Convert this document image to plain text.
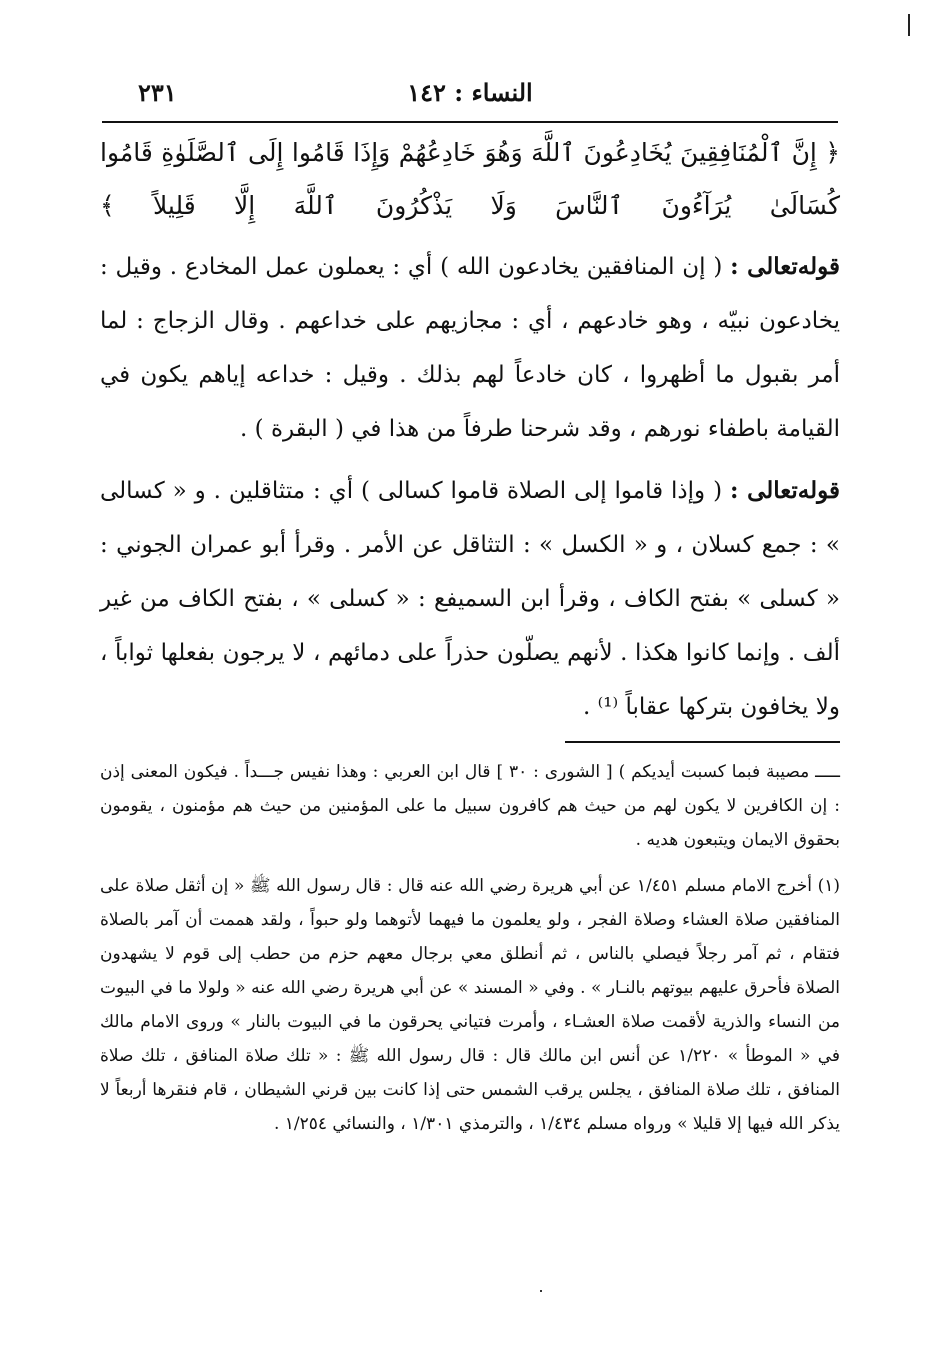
٢٣١	النساء : ١٤٢

﴿ إِنَّ ٱلْمُنَافِقِينَ يُخَادِعُونَ ٱللَّهَ وَهُوَ خَادِعُهُمْ وَإِذَا قَامُوا إِلَى ٱلصَّلَوٰةِ قَامُوا كُسَالَىٰ يُرَآءُونَ ٱلنَّاسَ وَلَا يَذْكُرُونَ ٱللَّهَ إِلَّا قَلِيلاً ﴾

قوله‌تعالى : ( إن المنافقين يخادعون الله ) أي : يعملون عمل المخادع . وقيل : يخادعون نبيّه ، وهو خادعهم ، أي : مجازيهم على خداعهم . وقال الزجاج : لما أمر بقبول ما أظهروا ، كان خادعاً لهم بذلك . وقيل : خداعه إياهم يكون في القيامة باطفاء نورهم ، وقد شرحنا طرفاً من هذا في ( البقرة ) .

قوله‌تعالى : ( وإذا قاموا إلى الصلاة قاموا كسالى ) أي : متثاقلين . و « كسالى » : جمع كسلان ، و « الكسل » : التثاقل عن الأمر . وقرأ أبو عمران الجوني : « كسلى » بفتح الكاف ، وقرأ ابن السميفع : « كسلى » ، بفتح الكاف من غير ألف . وإنما كانوا هكذا . لأنهم يصلّون حذراً على دمائهم ، لا يرجون بفعلها ثواباً ، ولا يخافون بتركها عقاباً ⁽¹⁾ .

ـــــ مصيبة فبما كسبت أيديكم ) [ الشورى : ٣٠ ] قال ابن العربي : وهذا نفيس جـــداً . فيكون المعنى إذن : إن الكافرين لا يكون لهم من حيث هم كافرون سبيل ما على المؤمنين من حيث هم مؤمنون ، يقومون بحقوق الايمان ويتبعون هديه .

(١) أخرج الامام مسلم ١/٤٥١ عن أبي هريرة رضي الله عنه قال : قال رسول الله ﷺ « إن أثقل صلاة على المنافقين صلاة العشاء وصلاة الفجر ، ولو يعلمون ما فيهما لأتوهما ولو حبواً ، ولقد هممت أن آمر بالصلاة فتقام ، ثم آمر رجلاً فيصلي بالناس ، ثم أنطلق معي برجال معهم حزم من حطب إلى قوم لا يشهدون الصلاة فأحرق عليهم بيوتهم بالنـار » . وفي « المسند » عن أبي هريرة رضي الله عنه « ولولا ما في البيوت من النساء والذرية لأقمت صلاة العشـاء ، وأمرت فتياني يحرقون ما في البيوت بالنار » وروى الامام مالك في « الموطأ » ١/٢٢٠ عن أنس ابن مالك قال : قال رسول الله ﷺ : « تلك صلاة المنافق ، تلك صلاة المنافق ، تلك صلاة المنافق ، يجلس يرقب الشمس حتى إذا كانت بين قرني الشيطان ، قام فنقرها أربعاً لا يذكر الله فيها إلا قليلا » ورواه مسلم ١/٤٣٤ ، والترمذي ١/٣٠١ ، والنسائي ١/٢٥٤ .
